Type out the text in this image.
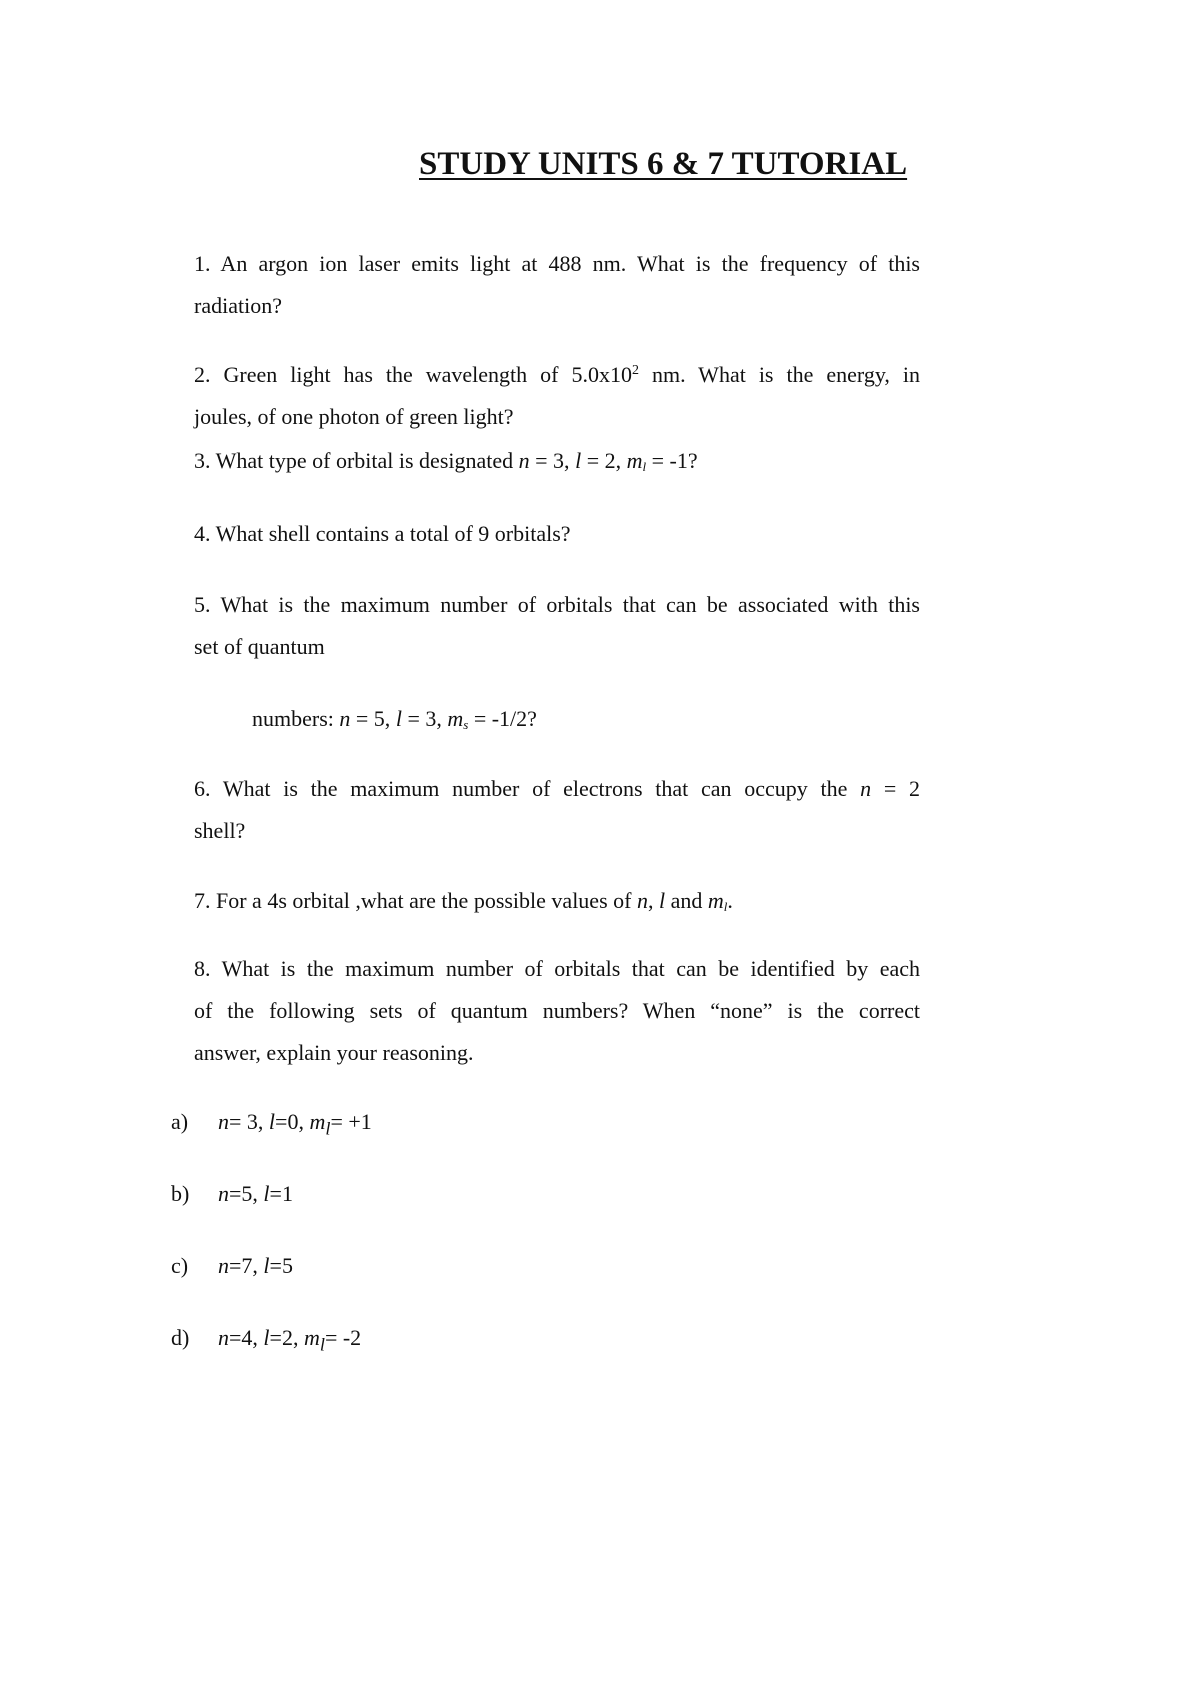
STUDY UNITS 6 & 7 TUTORIAL
1. An argon ion laser emits light at 488 nm. What is the frequency of this
radiation?
2. Green light has the wavelength of $5.0x10^2$ nm. What is the energy, in
joules, of one photon of green light?
3. What type of orbital is designated n = 3, l = 2, $m_l = -1$?
4. What shell contains a total of 9 orbitals?
5. What is the maximum number of orbitals that can be associated with this
set of quantum
numbers: n = 5, l = 3, $m_s = -1/2$?
6. What is the maximum number of electrons that can occupy the n = 2
shell?
7. For a 4s orbital ,what are the possible values of n, l and $m_l$.
8. What is the maximum number of orbitals that can be identified by each
of the following sets of quantum numbers? When “none” is the correct
answer, explain your reasoning.
a) n= 3, l=0, $m_l= +1$
b) n=5, l=1
c) n=7, l=5
d) n=4, l=2, $m_l= -2$
